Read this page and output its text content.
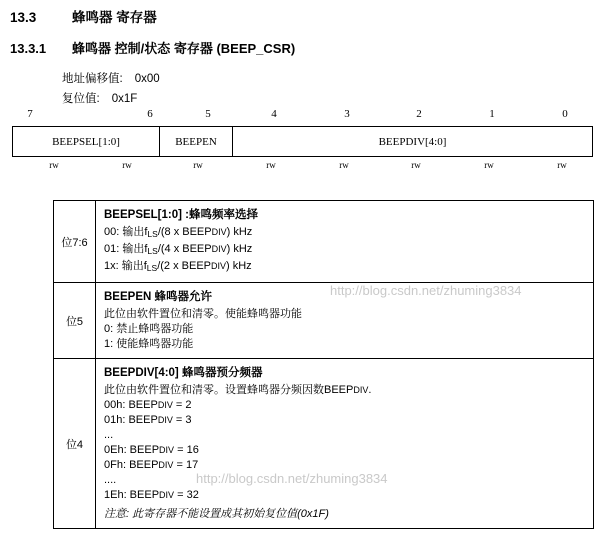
13.3	蜂鸣器 寄存器
13.3.1 蜂鸣器 控制/状态 寄存器 (BEEP_CSR)
地址偏移值: 0x00
复位值: 0x1F
7	6	5	4	3	2	1	0
BEEPSEL[1:0]	BEEPEN	BEEPDIV[4:0]
rw	rw	rw	rw	rw	rw	rw	rw
位7:6
BEEPSEL[1:0] :蜂鸣频率选择
00: 输出$f_{LS}/(8$ x BEEPDIV) kHz
01: 输出$f_{LS}/(4$ x BEEPDIV) kHz
1x: 输出$f_{LS}/(2$ x BEEPDIV) kHz
位5
BEEPEN 蜂鸣器允许
此位由软件置位和清零。使能蜂鸣器功能
0: 禁止蜂鸣器功能
1: 使能蜂鸣器功能
位4
BEEPDIV[4:0] 蜂鸣器预分频器
此位由软件置位和清零。设置蜂鸣器分频因数BEEPDIV.
00h: BEEPDIV = 2
01h: BEEPDIV = 3
...
0Eh: BEEPDIV = 16
0Fh: BEEPDIV = 17
....
1Eh: BEEPDIV = 32
注意: 此寄存器不能设置成其初始复位值(0x1F)
http://blog.csdn.net/zhuming3834
http://blog.csdn.net/zhuming3834
